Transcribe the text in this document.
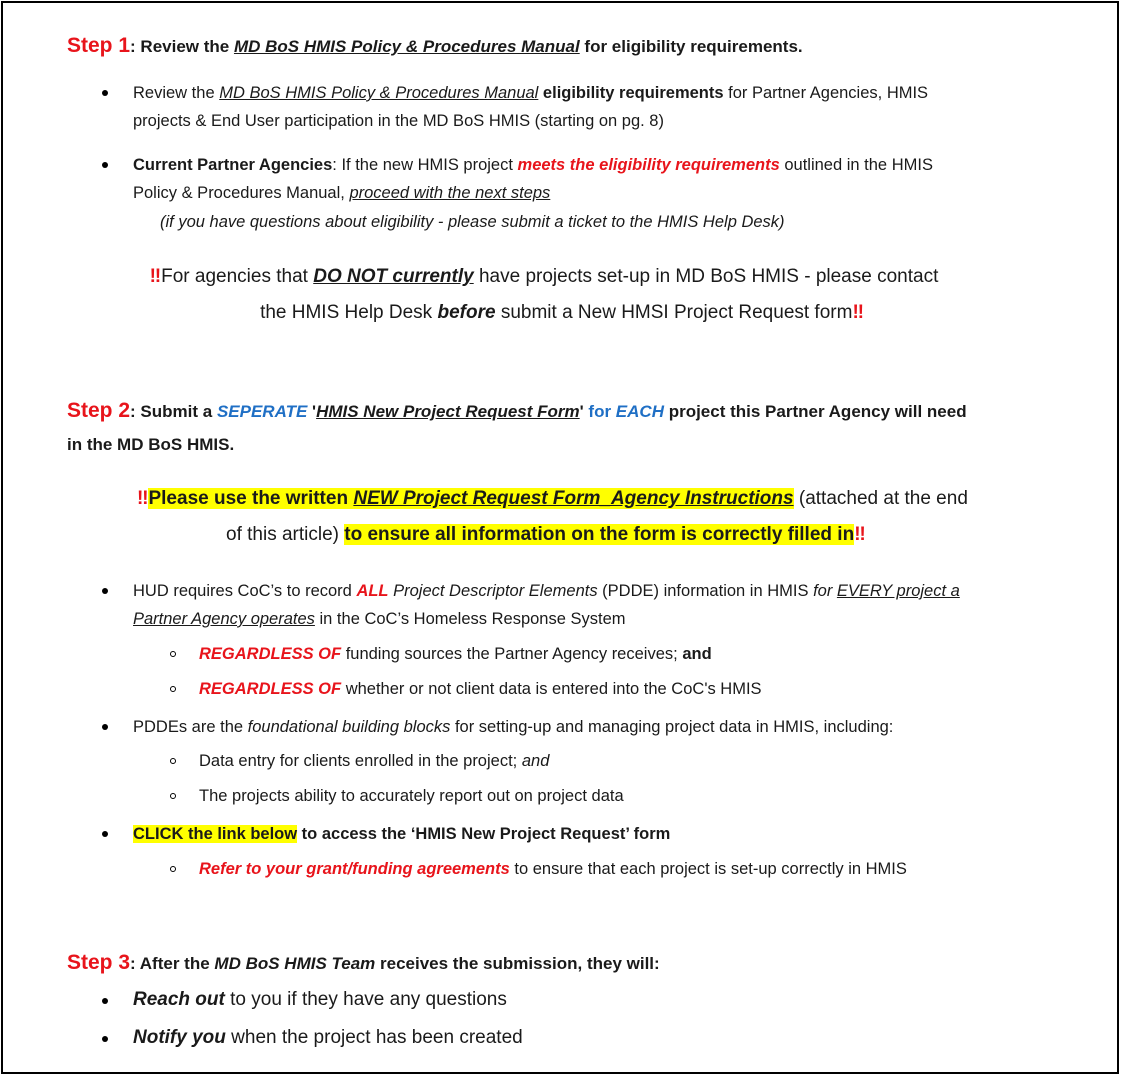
Step 1: Review the MD BoS HMIS Policy & Procedures Manual for eligibility requirements.
Review the MD BoS HMIS Policy & Procedures Manual eligibility requirements for Partner Agencies, HMIS
projects & End User participation in the MD BoS HMIS (starting on pg. 8)
Current Partner Agencies: If the new HMIS project meets the eligibility requirements outlined in the HMIS
Policy & Procedures Manual, proceed with the next steps
(if you have questions about eligibility - please submit a ticket to the HMIS Help Desk)
‼For agencies that DO NOT currently have projects set-up in MD BoS HMIS - please contact
the HMIS Help Desk before submit a New HMSI Project Request form‼
Step 2: Submit a SEPERATE 'HMIS New Project Request Form' for EACH project this Partner Agency will need
in the MD BoS HMIS.
‼Please use the written NEW Project Request Form_Agency Instructions (attached at the end
of this article) to ensure all information on the form is correctly filled in‼
HUD requires CoC’s to record ALL Project Descriptor Elements (PDDE) information in HMIS for EVERY project a
Partner Agency operates in the CoC’s Homeless Response System
REGARDLESS OF funding sources the Partner Agency receives; and
REGARDLESS OF whether or not client data is entered into the CoC's HMIS
PDDEs are the foundational building blocks for setting-up and managing project data in HMIS, including:
Data entry for clients enrolled in the project; and
The projects ability to accurately report out on project data
CLICK the link below to access the ‘HMIS New Project Request’ form
Refer to your grant/funding agreements to ensure that each project is set-up correctly in HMIS
Step 3: After the MD BoS HMIS Team receives the submission, they will:
Reach out to you if they have any questions
Notify you when the project has been created
